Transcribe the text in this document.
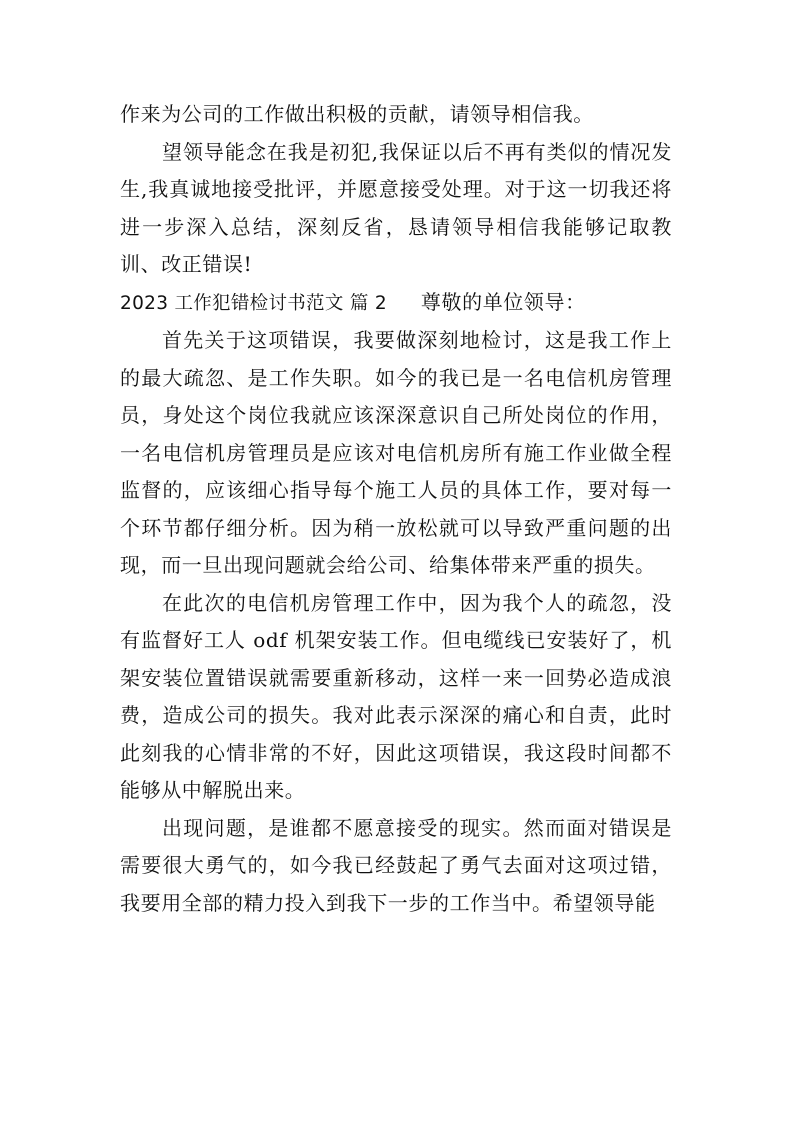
作来为公司的工作做出积极的贡献，请领导相信我。

望领导能念在我是初犯,我保证以后不再有类似的情况发生,我真诚地接受批评，并愿意接受处理。对于这一切我还将进一步深入总结，深刻反省，恳请领导相信我能够记取教训、改正错误!

2023 工作犯错检讨书范文 篇 2 尊敬的单位领导：

首先关于这项错误，我要做深刻地检讨，这是我工作上的最大疏忽、是工作失职。如今的我已是一名电信机房管理员，身处这个岗位我就应该深深意识自己所处岗位的作用，一名电信机房管理员是应该对电信机房所有施工作业做全程监督的，应该细心指导每个施工人员的具体工作，要对每一个环节都仔细分析。因为稍一放松就可以导致严重问题的出现，而一旦出现问题就会给公司、给集体带来严重的损失。

在此次的电信机房管理工作中，因为我个人的疏忽，没有监督好工人 odf 机架安装工作。但电缆线已安装好了，机架安装位置错误就需要重新移动，这样一来一回势必造成浪费，造成公司的损失。我对此表示深深的痛心和自责，此时此刻我的心情非常的不好，因此这项错误，我这段时间都不能够从中解脱出来。

出现问题，是谁都不愿意接受的现实。然而面对错误是需要很大勇气的，如今我已经鼓起了勇气去面对这项过错，我要用全部的精力投入到我下一步的工作当中。希望领导能
